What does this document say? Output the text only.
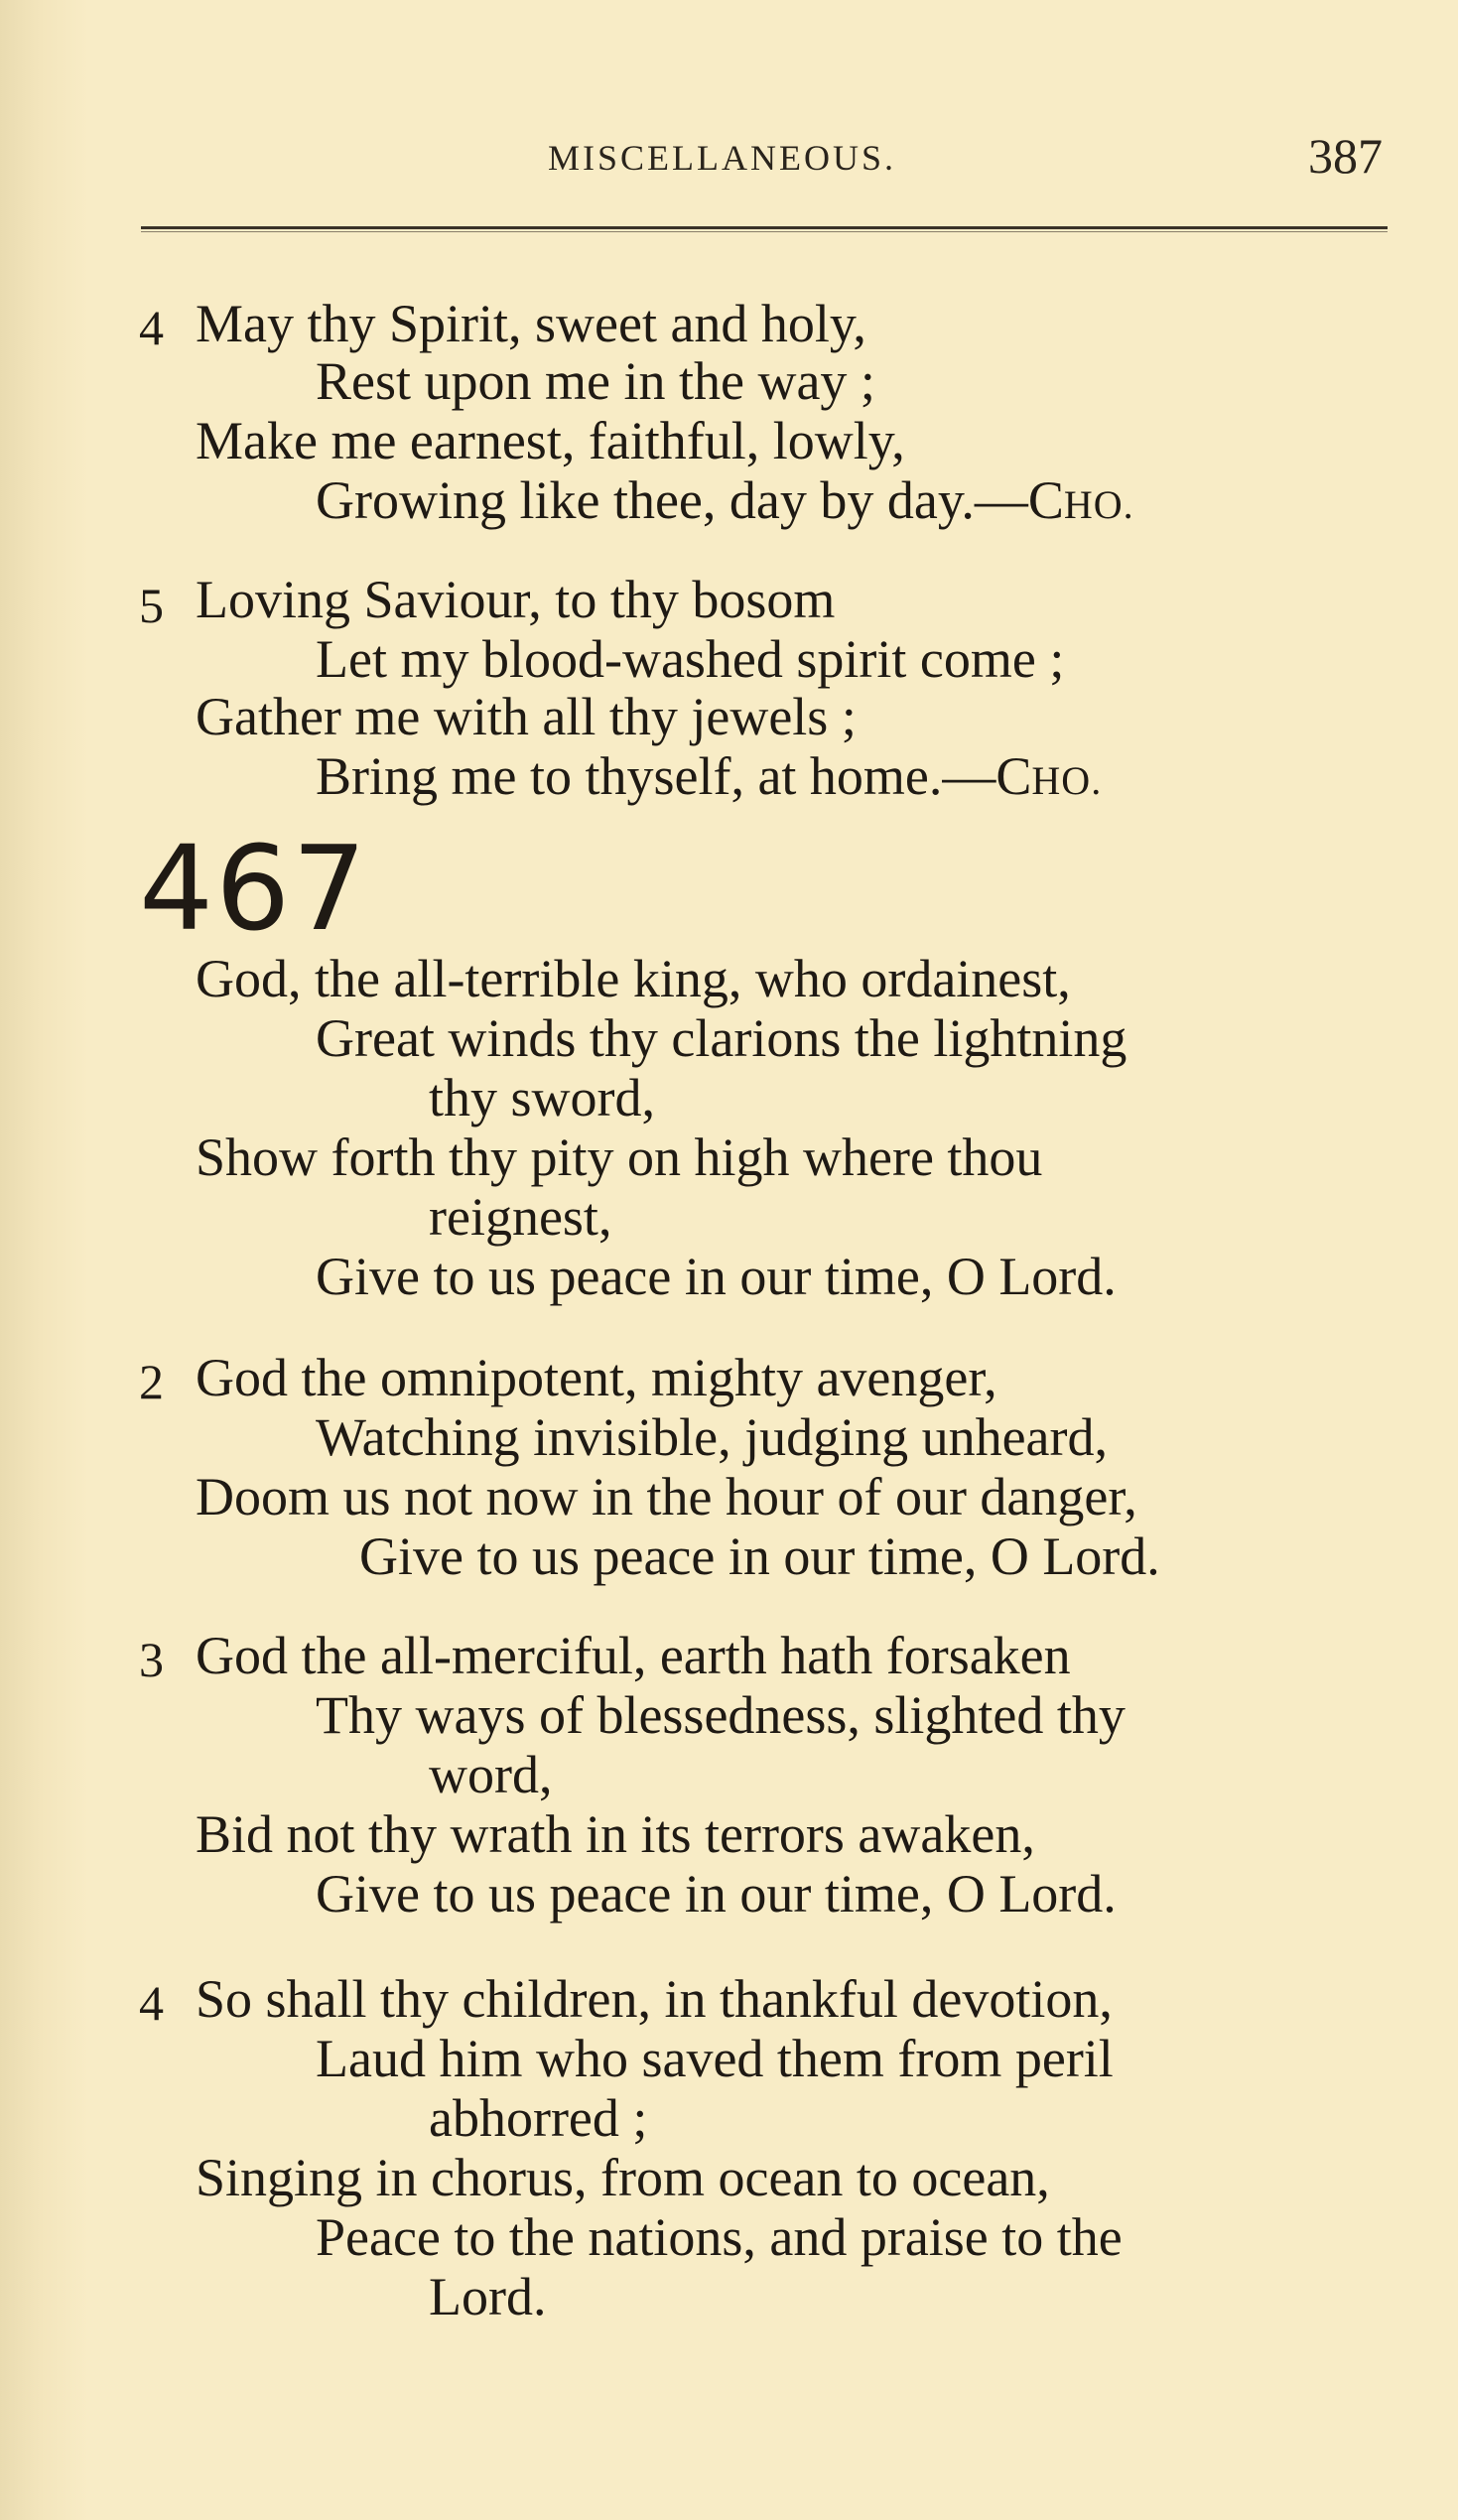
MISCELLANEOUS.	387
4 May thy Spirit, sweet and holy,
Rest upon me in the way ;
Make me earnest, faithful, lowly,
Growing like thee, day by day.—CHO.
5 Loving Saviour, to thy bosom
Let my blood-washed spirit come ;
Gather me with all thy jewels ;
Bring me to thyself, at home.—CHO.
467
God, the all-terrible king, who ordainest,
Great winds thy clarions the lightning
thy sword,
Show forth thy pity on high where thou
reignest,
Give to us peace in our time, O Lord.
2 God the omnipotent, mighty avenger,
Watching invisible, judging unheard,
Doom us not now in the hour of our danger,
Give to us peace in our time, O Lord.
3 God the all-merciful, earth hath forsaken
Thy ways of blessedness, slighted thy
word,
Bid not thy wrath in its terrors awaken,
Give to us peace in our time, O Lord.
4 So shall thy children, in thankful devotion,
Laud him who saved them from peril
abhorred ;
Singing in chorus, from ocean to ocean,
Peace to the nations, and praise to the
Lord.
